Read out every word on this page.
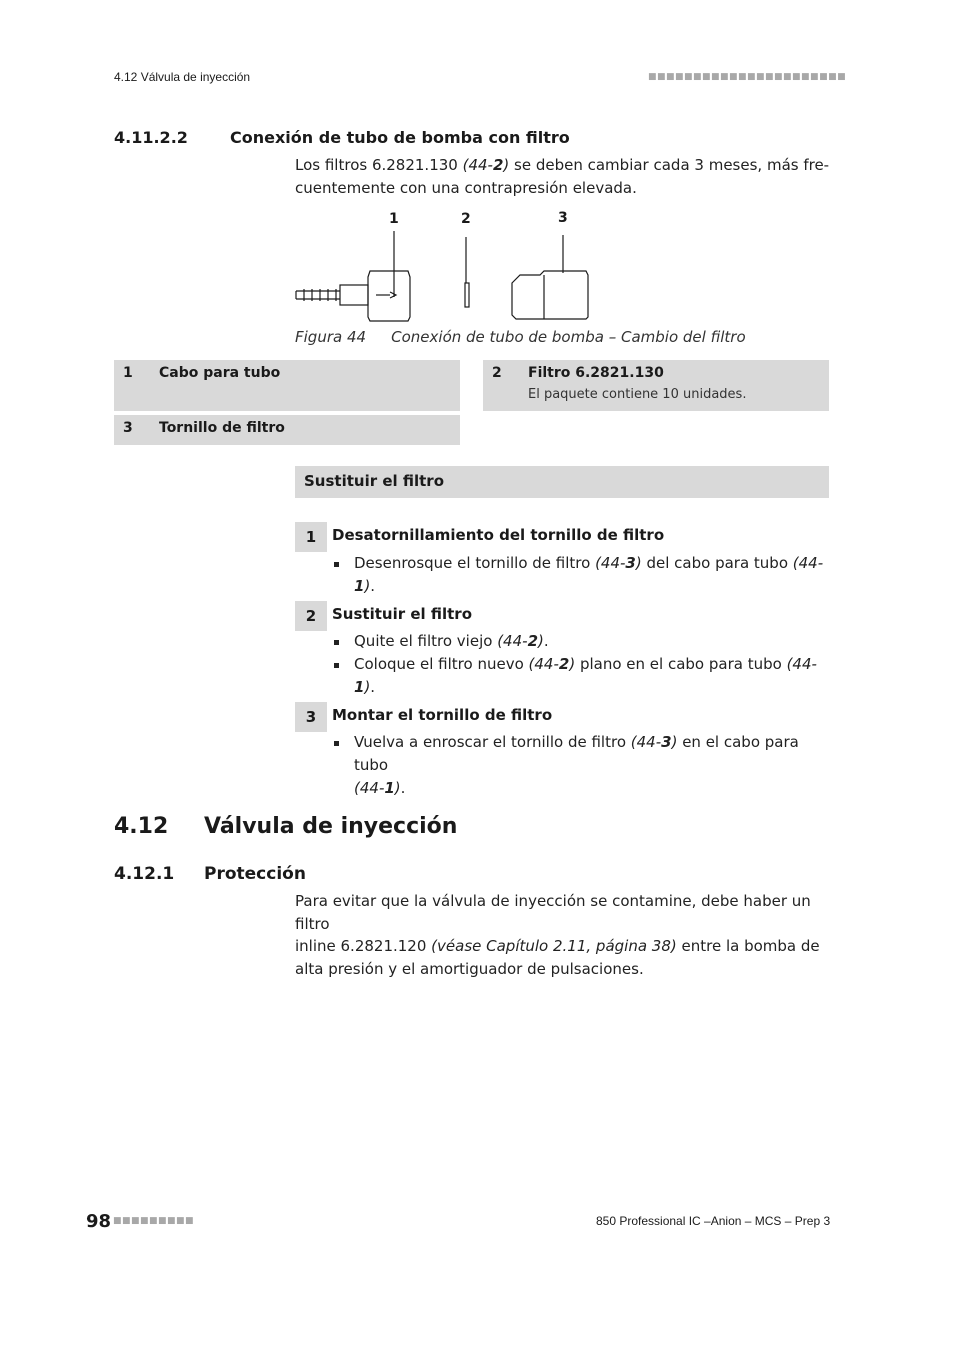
4.12 Válvula de inyección	■■■■■■■■■■■■■■■■■■■■■■
4.11.2.2	Conexión de tubo de bomba con filtro
Los filtros 6.2821.130 (44-2) se deben cambiar cada 3 meses, más fre-
cuentemente con una contrapresión elevada.
1	2	3
Figura 44 Conexión de tubo de bomba – Cambio del filtro
1 Cabo para tubo	2 Filtro 6.2821.130
El paquete contiene 10 unidades.
3 Tornillo de filtro
Sustituir el filtro
1	Desatornillamiento del tornillo de filtro
Desenrosque el tornillo de filtro (44-3) del cabo para tubo (44-1).
2	Sustituir el filtro
Quite el filtro viejo (44-2).
Coloque el filtro nuevo (44-2) plano en el cabo para tubo (44-1).
3	Montar el tornillo de filtro
Vuelva a enroscar el tornillo de filtro (44-3) en el cabo para tubo
(44-1).
4.12 Válvula de inyección
4.12.1 Protección
Para evitar que la válvula de inyección se contamine, debe haber un filtro
inline 6.2821.120 (véase Capítulo 2.11, página 38) entre la bomba de
alta presión y el amortiguador de pulsaciones.
98 ■■■■■■■■■	850 Professional IC –Anion – MCS – Prep 3
